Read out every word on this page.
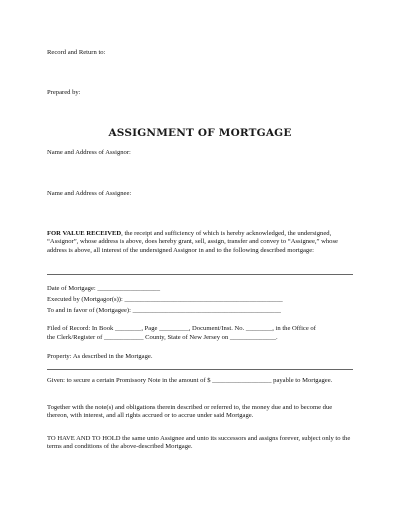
Record and Return to:

Prepared by:

ASSIGNMENT OF MORTGAGE

Name and Address of Assignor:

Name and Address of Assignee:

FOR VALUE RECEIVED, the receipt and sufficiency of which is hereby acknowledged, the undersigned, “Assignor”, whose address is above, does hereby grant, sell, assign, transfer and convey to “Assignee,” whose address is above, all interest of the undersigned Assignor in and to the following described mortgage:

Date of Mortgage: ___________________

Executed by (Mortgagor(s)): ________________________________________________

To and in favor of (Mortgagee): _____________________________________________

Filed of Record: In Book ________, Page _________, Document/Inst. No. ________, in the Office of

the Clerk/Register of ____________ County, State of New Jersey on ______________.

Property: As described in the Mortgage.

Given: to secure a certain Promissory Note in the amount of $ __________________ payable to Mortgagee.

Together with the note(s) and obligations therein described or referred to, the money due and to become due thereon, with interest, and all rights accrued or to accrue under said Mortgage.

TO HAVE AND TO HOLD the same unto Assignee and unto its successors and assigns forever, subject only to the terms and conditions of the above-described Mortgage.
